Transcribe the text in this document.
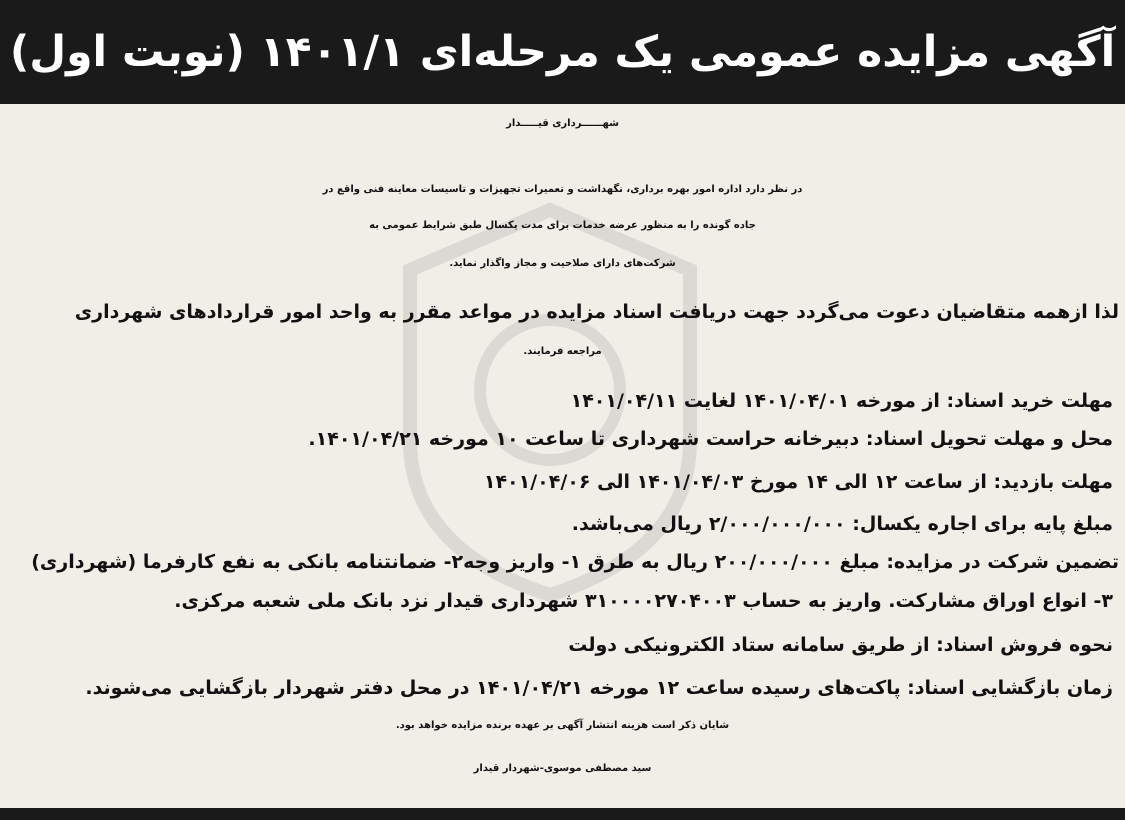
آگهی مزایده عمومی یک مرحله‌ای ۱۴۰۱/۱ (نوبت اول)
شهــــــرداری قیـــــدار
در نظر دارد اداره امور بهره برداری، نگهداشت و تعمیرات تجهیزات و تاسیسات معاینه فنی واقع در
جاده گونده را به منظور عرضه خدمات برای مدت یکسال طبق شرایط عمومی به
شرکت‌های دارای صلاحیت و مجاز واگذار نماید.
لذا ازهمه متقاضیان دعوت می‌گردد جهت دریافت اسناد مزایده در مواعد مقرر به واحد امور قراردادهای شهرداری
مراجعه فرمایند.
مهلت خرید اسناد: از مورخه ۱۴۰۱/۰۴/۰۱ لغایت ۱۴۰۱/۰۴/۱۱
محل و مهلت تحویل اسناد: دبیرخانه حراست شهرداری تا ساعت ۱۰ مورخه ۱۴۰۱/۰۴/۲۱.
مهلت بازدید: از ساعت ۱۲ الی ۱۴ مورخ ۱۴۰۱/۰۴/۰۳ الی ۱۴۰۱/۰۴/۰۶
مبلغ پایه برای اجاره یکسال: ۲/۰۰۰/۰۰۰/۰۰۰ ریال می‌باشد.
تضمین شرکت در مزایده: مبلغ ۲۰۰/۰۰۰/۰۰۰ ریال به طرق ۱- واریز وجه۲- ضمانتنامه بانکی به نفع کارفرما (شهرداری)
۳- انواع اوراق مشارکت. واریز به حساب ۳۱۰۰۰۰۲۷۰۴۰۰۳ شهرداری قیدار نزد بانک ملی شعبه مرکزی.
نحوه فروش اسناد: از طریق سامانه ستاد الکترونیکی دولت
زمان بازگشایی اسناد: پاکت‌های رسیده ساعت ۱۲ مورخه ۱۴۰۱/۰۴/۲۱ در محل دفتر شهردار بازگشایی می‌شوند.
شایان ذکر است هزینه انتشار آگهی بر عهده برنده مزایده خواهد بود.
سید مصطفی موسوی-شهردار قیدار
